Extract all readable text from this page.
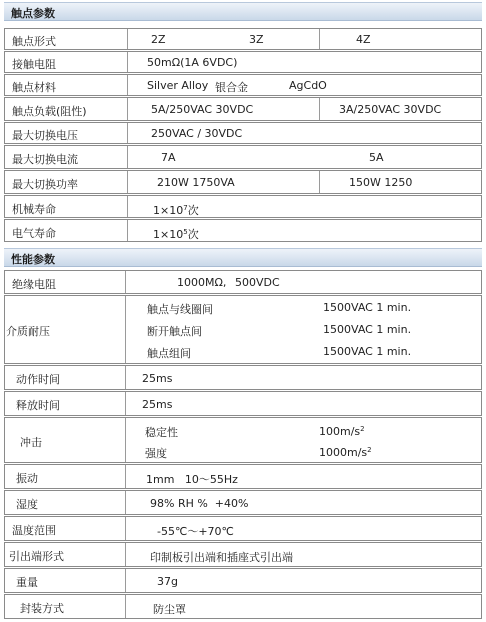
触点参数
触点形式	2Z	3Z	4Z
接触电阻	50mΩ(1A 6VDC)
触点材料	Silver Alloy 银合金	AgCdO
触点负载(阻性)	5A/250VAC 30VDC	3A/250VAC 30VDC
最大切换电压	250VAC / 30VDC
最大切换电流	7A	5A
最大切换功率	210W 1750VA	150W 1250
机械寿命	$1\times 10^7$次
电气寿命	$1\times 10^5$次
性能参数
绝缘电阻	1000MΩ, 500VDC
介质耐压
触点与线圈间	1500VAC 1 min.
断开触点间	1500VAC 1 min.
触点组间	1500VAC 1 min.
动作时间	25ms
释放时间	25ms
冲击
稳定性	$100m/s^2$
强度	$1000m/s^2$
振动	1mm   10～55Hz
湿度	98% RH %  +40%
温度范围	-55℃～+70℃
引出端形式	印制板引出端和插座式引出端
重量	37g
封装方式	防尘罩
